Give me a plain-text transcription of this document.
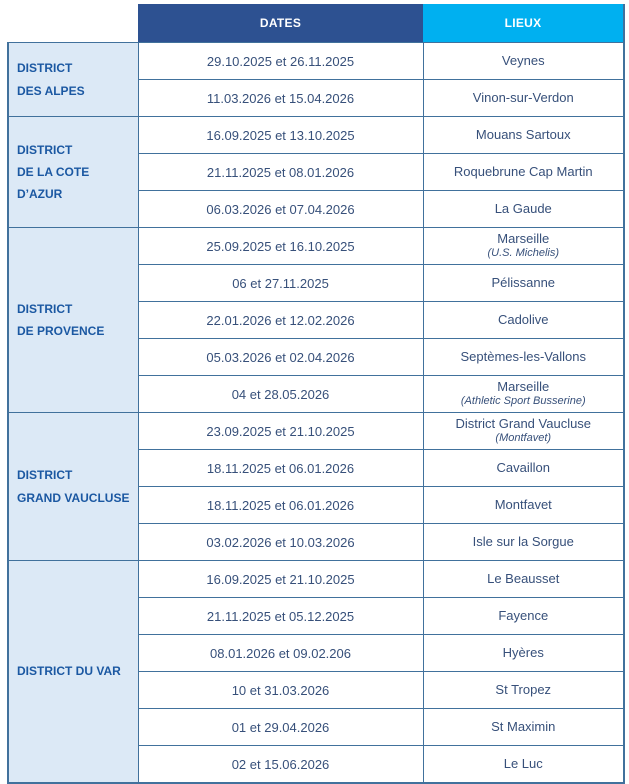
	DATES	LIEUX

DISTRICT
DES ALPES	29.10.2025 et 26.11.2025	Veynes

	11.03.2026 et 15.04.2026	Vinon-sur-Verdon

DISTRICT
DE LA COTE D’AZUR	16.09.2025 et 13.10.2025	Mouans Sartoux

	21.11.2025 et 08.01.2026	Roquebrune Cap Martin

	06.03.2026 et 07.04.2026	La Gaude

DISTRICT
DE PROVENCE
	25.09.2025 et 16.10.2025	Marseille
(U.S. Michelis)

	06 et 27.11.2025	Pélissanne

	22.01.2026 et 12.02.2026	Cadolive

	05.03.2026 et 02.04.2026	Septèmes-les-Vallons

	04 et 28.05.2026	Marseille
(Athletic Sport Busserine)

DISTRICT
GRAND VAUCLUSE
	23.09.2025 et 21.10.2025	District Grand Vaucluse
(Montfavet)

	18.11.2025 et 06.01.2026	Cavaillon

	18.11.2025 et 06.01.2026	Montfavet

	03.02.2026 et 10.03.2026	Isle sur la Sorgue

DISTRICT DU VAR	16.09.2025 et 21.10.2025	Le Beausset

	21.11.2025 et 05.12.2025	Fayence

	08.01.2026 et 09.02.206	Hyères

	10 et 31.03.2026	St Tropez

	01 et 29.04.2026	St Maximin

	02 et 15.06.2026	Le Luc
